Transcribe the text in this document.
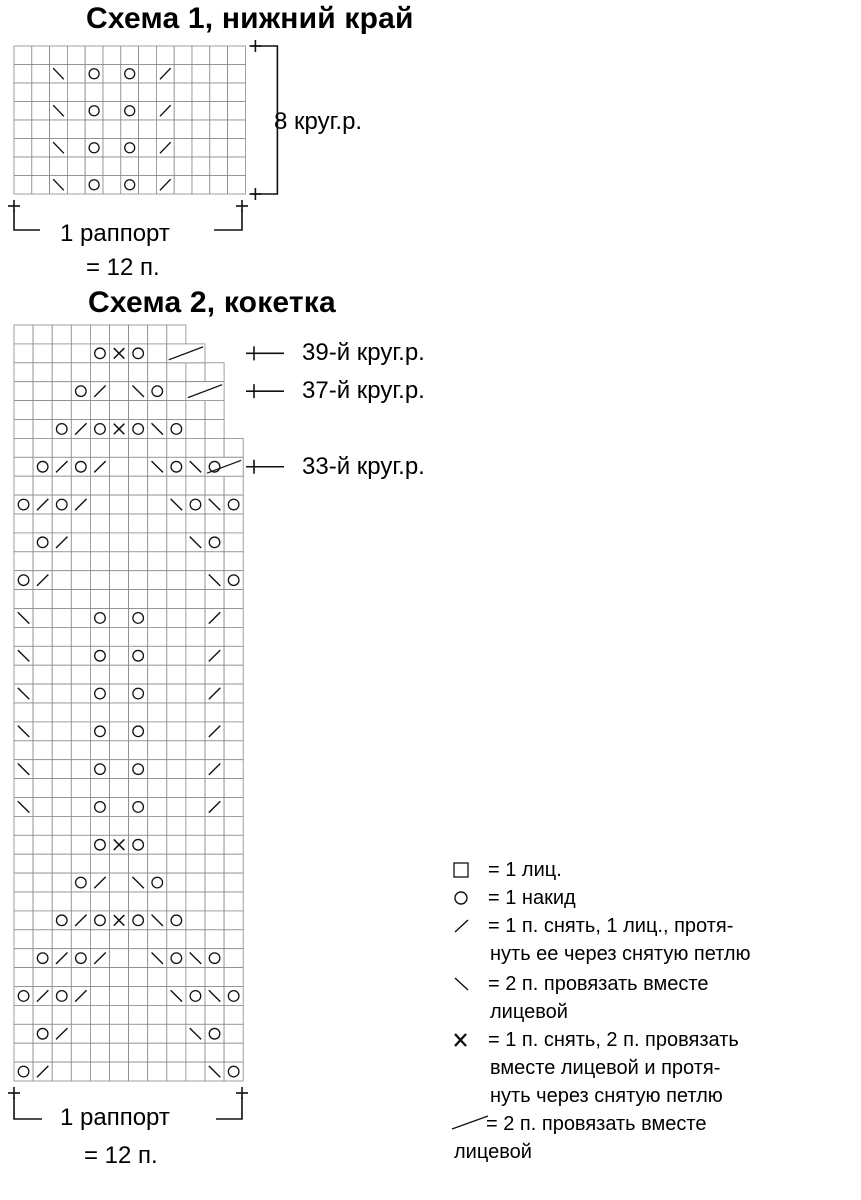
Схема 1, нижний край
8 круг.р.
1 раппорт
= 12 п.
Схема 2, кокетка
39-й круг.р.
37-й круг.р.
33-й круг.р.
1 раппорт
= 12 п.
= 1 лиц.
= 1 накид
= 1 п. снять, 1 лиц., протя-
нуть ее через снятую петлю
= 2 п. провязать вместе
лицевой
= 1 п. снять, 2 п. провязать
вместе лицевой и протя-
нуть через снятую петлю
= 2 п. провязать вместе
лицевой
